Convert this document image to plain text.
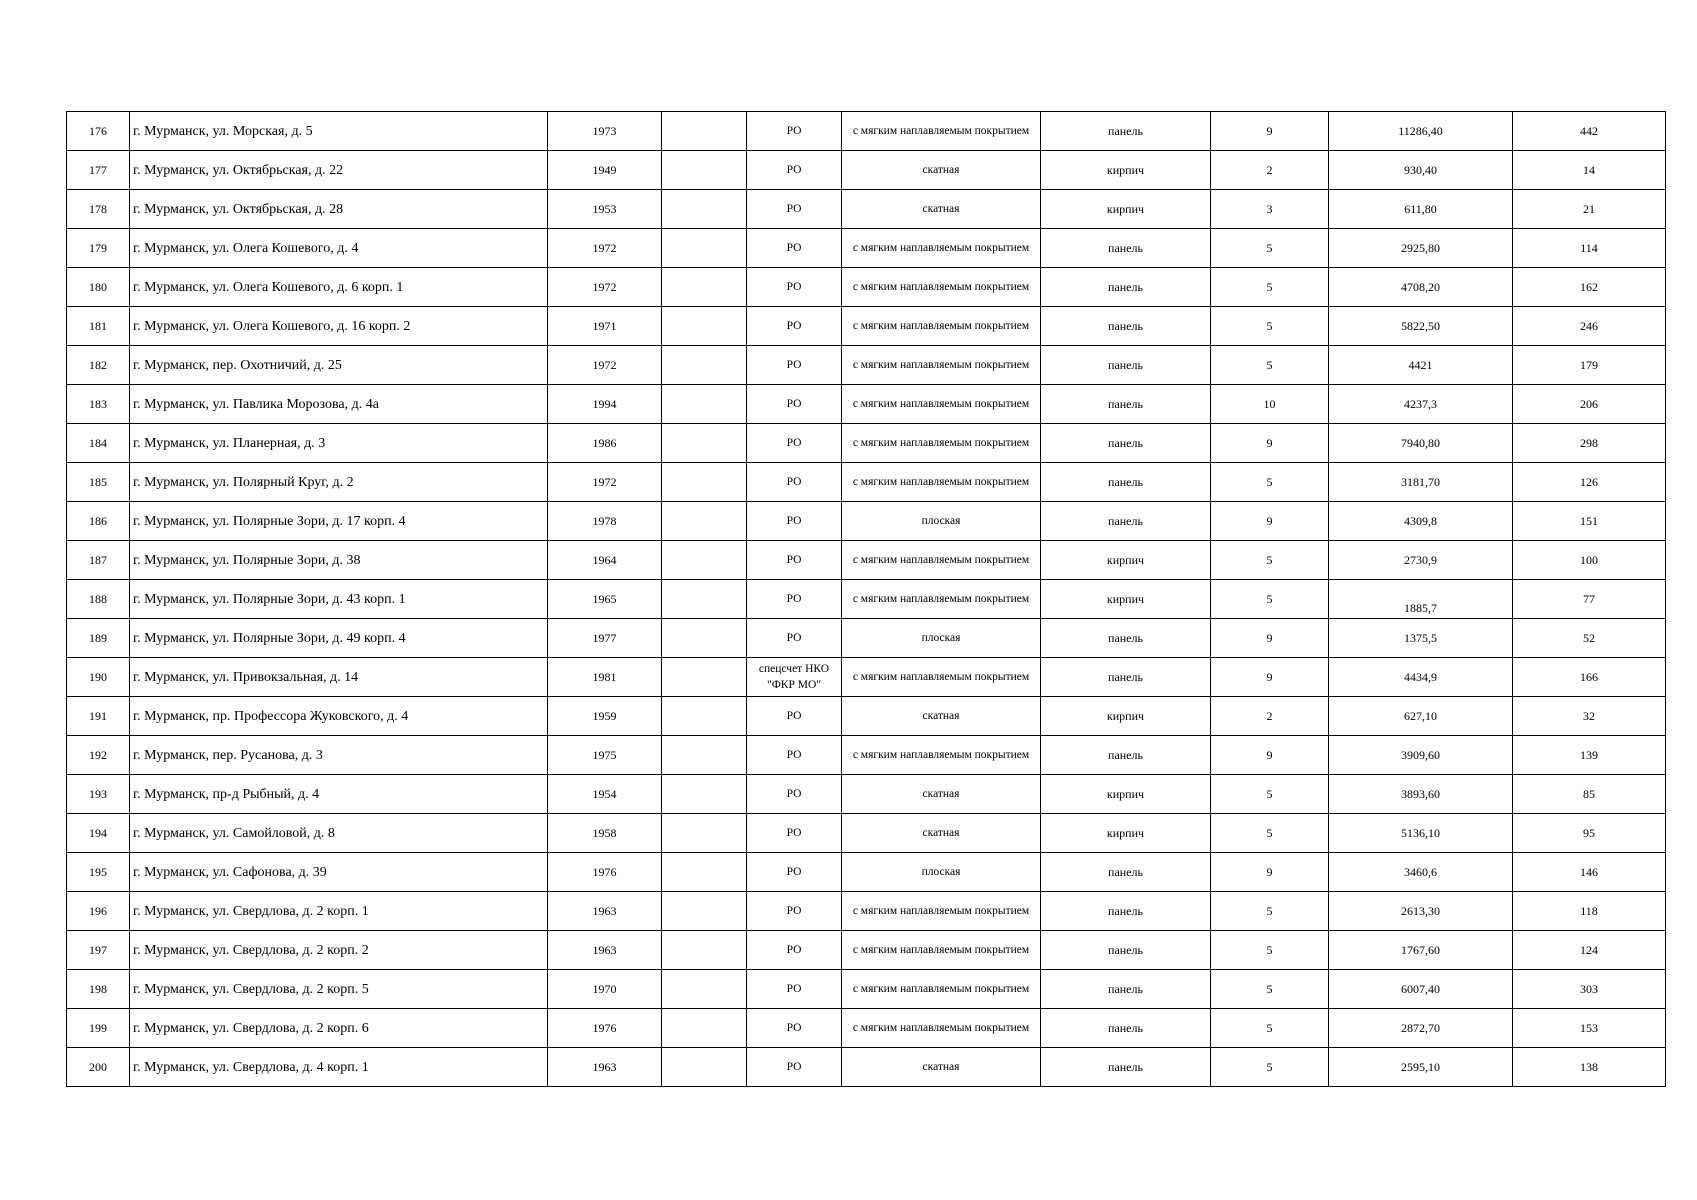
176	г. Мурманск, ул. Морская, д. 5	1973		РО	с мягким наплавляемым покрытием	панель	9	11286,40	442
177	г. Мурманск, ул. Октябрьская, д. 22	1949		РО	скатная	кирпич	2	930,40	14
178	г. Мурманск, ул. Октябрьская, д. 28	1953		РО	скатная	кирпич	3	611,80	21
179	г. Мурманск, ул. Олега Кошевого, д. 4	1972		РО	с мягким наплавляемым покрытием	панель	5	2925,80	114
180	г. Мурманск, ул. Олега Кошевого, д. 6 корп. 1	1972		РО	с мягким наплавляемым покрытием	панель	5	4708,20	162
181	г. Мурманск, ул. Олега Кошевого, д. 16 корп. 2	1971		РО	с мягким наплавляемым покрытием	панель	5	5822,50	246
182	г. Мурманск, пер. Охотничий, д. 25	1972		РО	с мягким наплавляемым покрытием	панель	5	4421	179
183	г. Мурманск, ул. Павлика Морозова, д. 4а	1994		РО	с мягким наплавляемым покрытием	панель	10	4237,3	206
184	г. Мурманск, ул. Планерная, д. 3	1986		РО	с мягким наплавляемым покрытием	панель	9	7940,80	298
185	г. Мурманск, ул. Полярный Круг, д. 2	1972		РО	с мягким наплавляемым покрытием	панель	5	3181,70	126
186	г. Мурманск, ул. Полярные Зори, д. 17 корп. 4	1978		РО	плоская	панель	9	4309,8	151
187	г. Мурманск, ул. Полярные Зори, д. 38	1964		РО	с мягким наплавляемым покрытием	кирпич	5	2730,9	100
188	г. Мурманск, ул. Полярные Зори, д. 43 корп. 1	1965		РО	с мягким наплавляемым покрытием	кирпич	5	1885,7	77
189	г. Мурманск, ул. Полярные Зори, д. 49 корп. 4	1977		РО	плоская	панель	9	1375,5	52
190	г. Мурманск, ул. Привокзальная, д. 14	1981		спецсчет НКО "ФКР МО"	с мягким наплавляемым покрытием	панель	9	4434,9	166
191	г. Мурманск, пр. Профессора Жуковского, д. 4	1959		РО	скатная	кирпич	2	627,10	32
192	г. Мурманск, пер. Русанова, д. 3	1975		РО	с мягким наплавляемым покрытием	панель	9	3909,60	139
193	г. Мурманск, пр-д Рыбный, д. 4	1954		РО	скатная	кирпич	5	3893,60	85
194	г. Мурманск, ул. Самойловой, д. 8	1958		РО	скатная	кирпич	5	5136,10	95
195	г. Мурманск, ул. Сафонова, д. 39	1976		РО	плоская	панель	9	3460,6	146
196	г. Мурманск, ул. Свердлова, д. 2 корп. 1	1963		РО	с мягким наплавляемым покрытием	панель	5	2613,30	118
197	г. Мурманск, ул. Свердлова, д. 2 корп. 2	1963		РО	с мягким наплавляемым покрытием	панель	5	1767,60	124
198	г. Мурманск, ул. Свердлова, д. 2 корп. 5	1970		РО	с мягким наплавляемым покрытием	панель	5	6007,40	303
199	г. Мурманск, ул. Свердлова, д. 2 корп. 6	1976		РО	с мягким наплавляемым покрытием	панель	5	2872,70	153
200	г. Мурманск, ул. Свердлова, д. 4 корп. 1	1963		РО	скатная	панель	5	2595,10	138
